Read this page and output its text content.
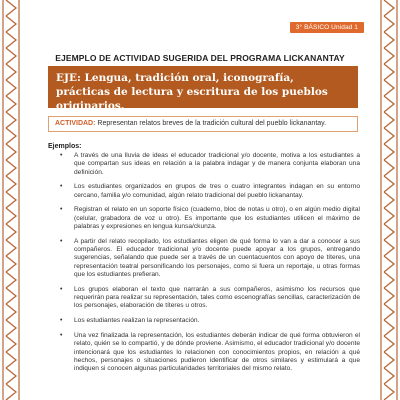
3° BÁSICO Unidad 1
EJEMPLO DE ACTIVIDAD SUGERIDA DEL PROGRAMA LICKANANTAY
EJE: Lengua, tradición oral, iconografía, prácticas de lectura y escritura de los pueblos originarios.
ACTIVIDAD: Representan relatos breves de la tradición cultural del pueblo lickanantay.
Ejemplos:
• A través de una lluvia de ideas el educador tradicional y/o docente, motiva a los estudiantes a que compartan sus ideas en relación a la palabra indagar y de manera conjunta elaboran una definición.
• Los estudiantes organizados en grupos de tres o cuatro integrantes indagan en su entorno cercano, familia y/o comunidad, algún relato tradicional del pueblo lickanantay.
• Registran el relato en un soporte físico (cuaderno, bloc de notas u otro), o en algún medio digital (celular, grabadora de voz u otro). Es importante que los estudiantes utilicen el máximo de palabras y expresiones en lengua kunsa/ckunza.
• A partir del relato recopilado, los estudiantes eligen de qué forma lo van a dar a conocer a sus compañeros. El educador tradicional y/o docente puede apoyar a los grupos, entregando sugerencias, señalando que puede ser a través de un cuentacuentos con apoyo de títeres, una representación teatral personificando los personajes, como si fuera un reportaje, u otras formas que los estudiantes prefieran.
• Los grupos elaboran el texto que narrarán a sus compañeros, asimismo los recursos que requerirán para realizar su representación, tales como escenografías sencillas, caracterización de los personajes, elaboración de títeres u otros.
• Los estudiantes realizan la representación.
• Una vez finalizada la representación, los estudiantes deberán indicar de qué forma obtuvieron el relato, quién se lo compartió, y de dónde proviene. Asimismo, el educador tradicional y/o docente intencionará que los estudiantes lo relacionen con conocimientos propios, en relación a qué hechos, personajes o situaciones pudieron identificar de otros similares y estimulará a que indiquen si conocen algunas particularidades territoriales del mismo relato.
